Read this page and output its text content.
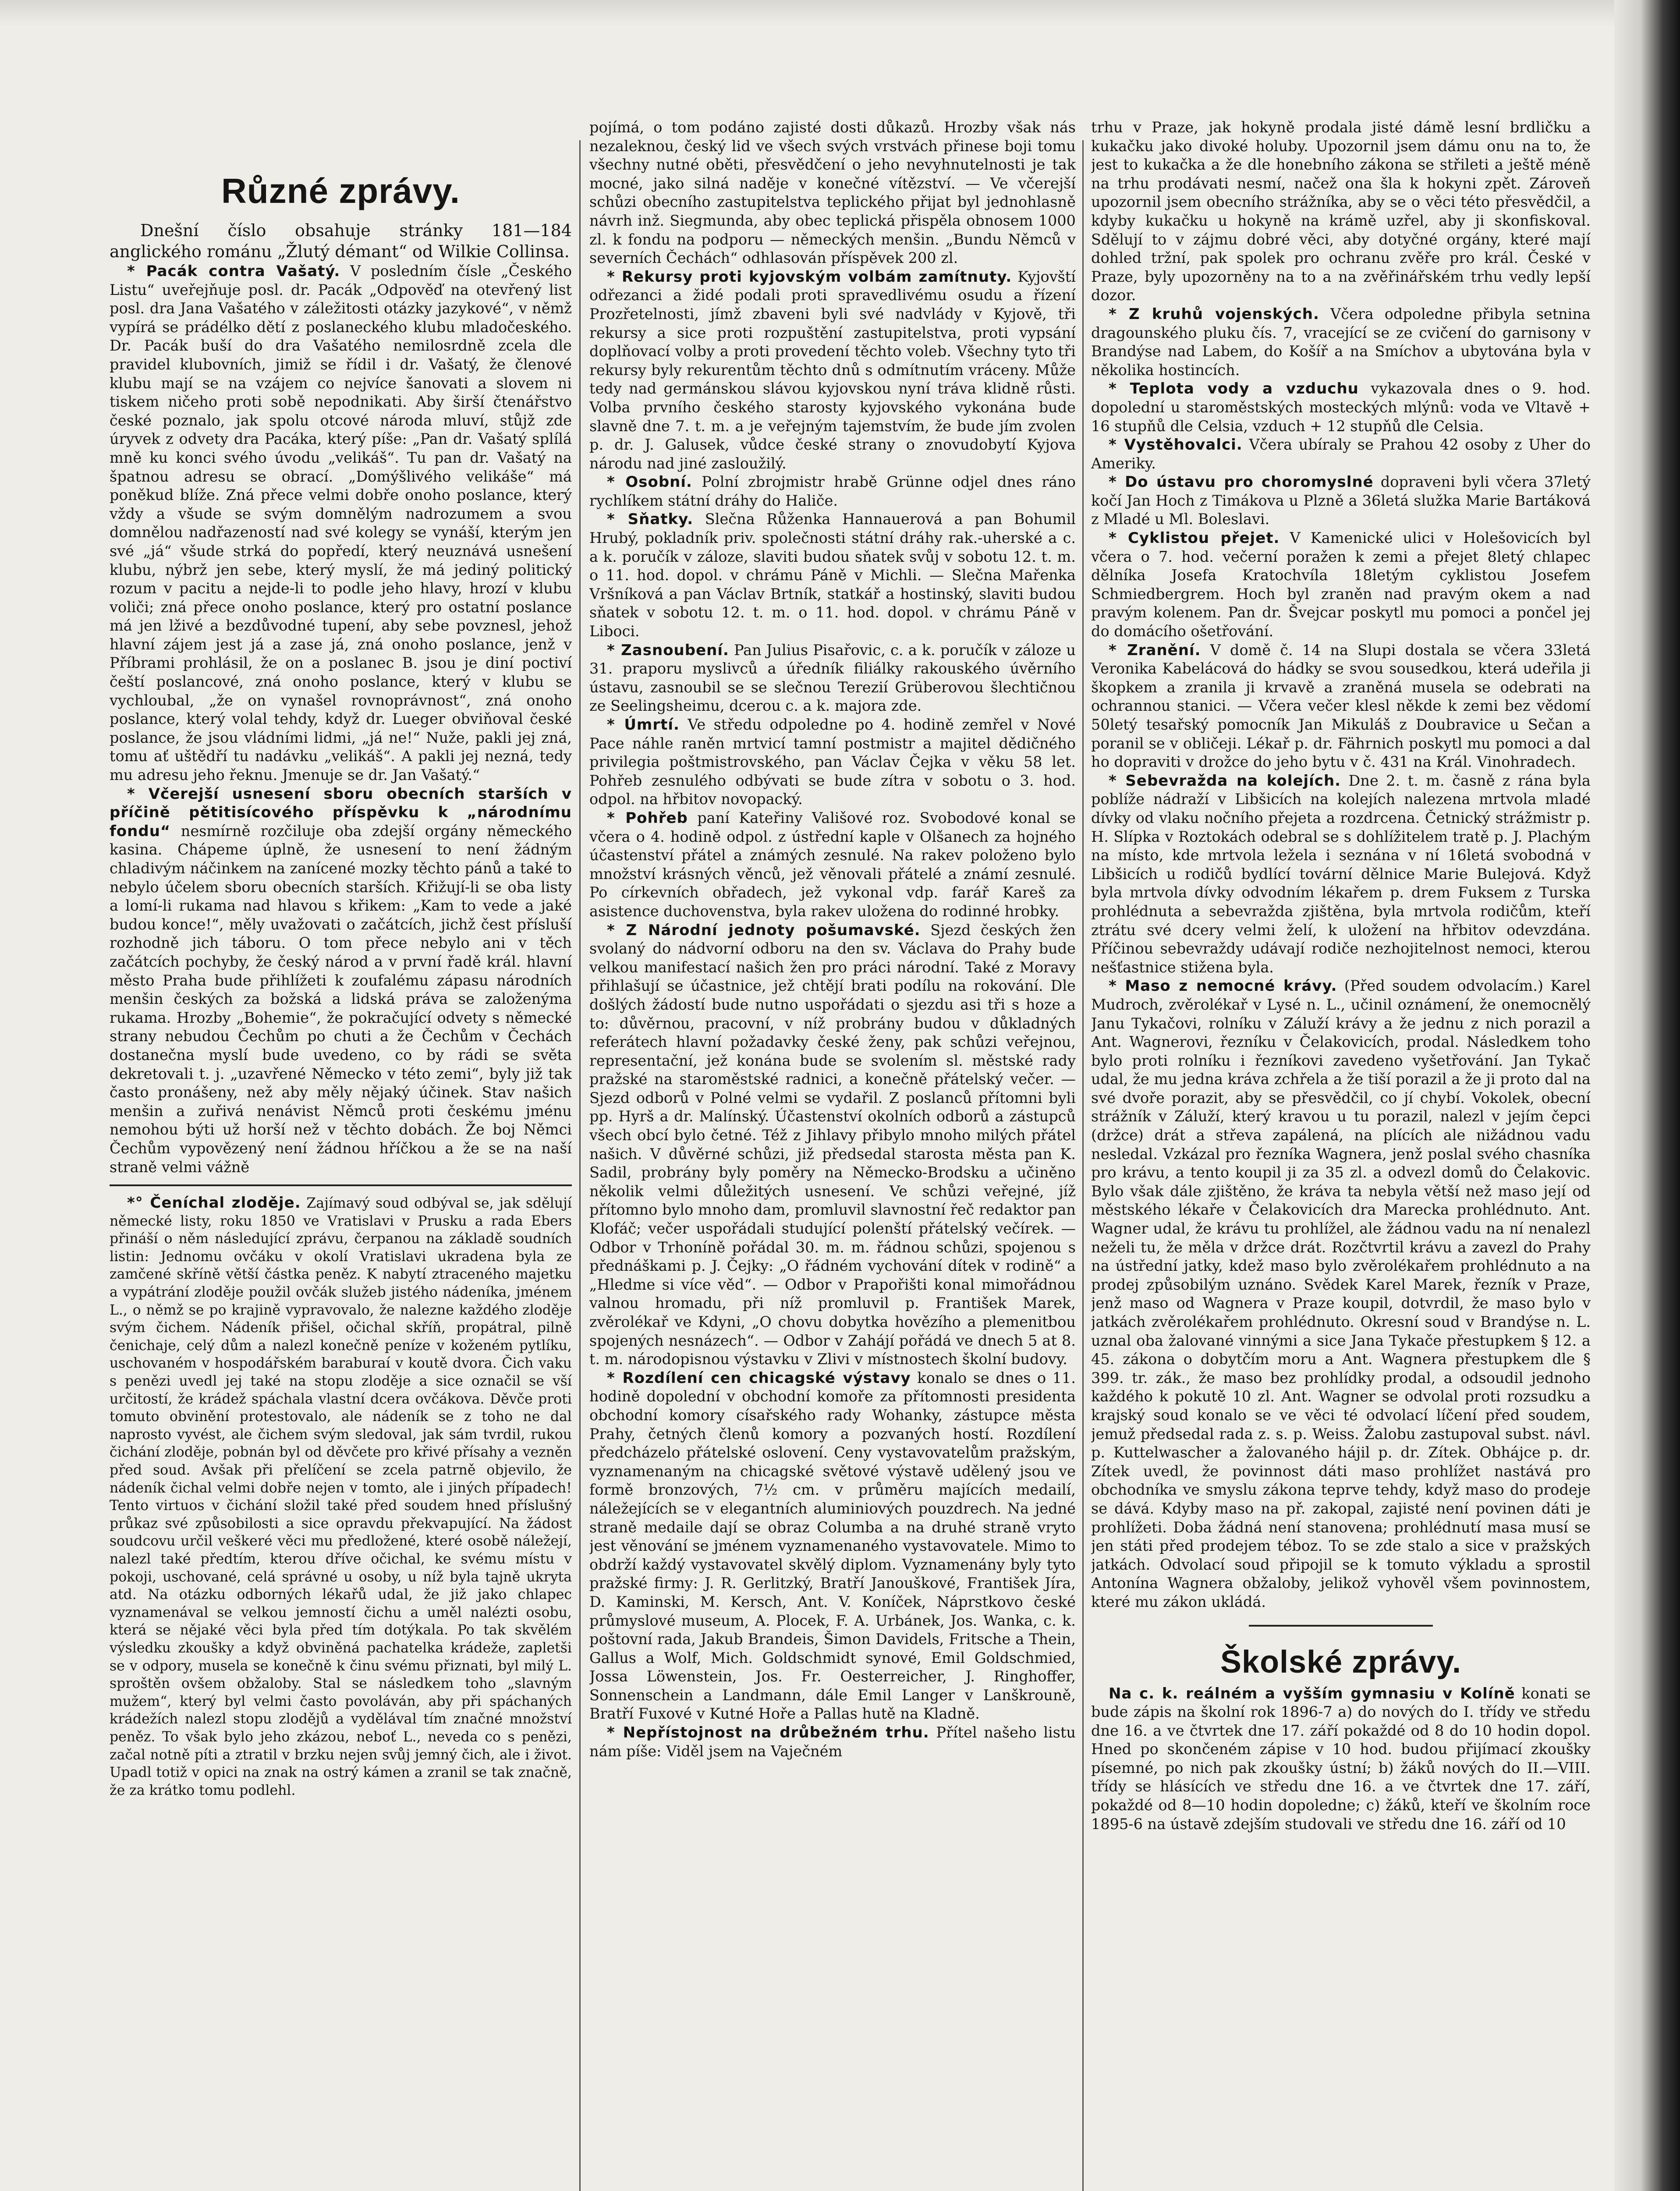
Různé zprávy.

Dnešní číslo obsahuje stránky 181—184 anglického románu „Žlutý démant“ od Wilkie Collinsa.

* Pacák contra Vašatý. V posledním čísle „Českého Listu“ uveřejňuje posl. dr. Pacák „Odpověď na otevřený list posl. dra Jana Vašatého v záležitosti otázky jazykové“, v němž vypírá se prádélko dětí z poslaneckého klubu mladočeského. Dr. Pacák buší do dra Vašatého nemilosrdně zcela dle pravidel klubovních, jimiž se řídil i dr. Vašatý, že členové klubu mají se na vzájem co nejvíce šanovati a slovem ni tiskem ničeho proti sobě nepodnikati. Aby širší čtenářstvo české poznalo, jak spolu otcové národa mluví, stůjž zde úryvek z odvety dra Pacáka, který píše: „Pan dr. Vašatý splílá mně ku konci svého úvodu „velikáš“. Tu pan dr. Vašatý na špatnou adresu se obrací. „Domýšlivého velikáše“ má poněkud blíže. Zná přece velmi dobře onoho poslance, který vždy a všude se svým domnělým nadrozumem a svou domnělou nadřazeností nad své kolegy se vynáší, kterým jen své „já“ všude strká do popředí, který neuznává usnešení klubu, nýbrž jen sebe, který myslí, že má jediný politický rozum v pacitu a nejde-li to podle jeho hlavy, hrozí v klubu voliči; zná přece onoho poslance, který pro ostatní poslance má jen lživé a bezdůvodné tupení, aby sebe povznesl, jehož hlavní zájem jest já a zase já, zná onoho poslance, jenž v Příbrami prohlásil, že on a poslanec B. jsou je diní poctiví čeští poslancové, zná onoho poslance, který v klubu se vychloubal, „že on vynašel rovnoprávnost“, zná onoho poslance, který volal tehdy, když dr. Lueger obviňoval české poslance, že jsou vládními lidmi, „já ne!“ Nuže, pakli jej zná, tomu ať uštědří tu nadávku „velikáš“. A pakli jej nezná, tedy mu adresu jeho řeknu. Jmenuje se dr. Jan Vašatý.“

* Včerejší usnesení sboru obecních starších v příčině pětitisícového příspěvku k „národnímu fondu“ nesmírně rozčiluje oba zdejší orgány německého kasina. Chápeme úplně, že usnesení to není žádným chladivým náčinkem na zanícené mozky těchto pánů a také to nebylo účelem sboru obecních starších. Křižují-li se oba listy a lomí-li rukama nad hlavou s křikem: „Kam to vede a jaké budou konce!“, měly uvažovati o začátcích, jichž čest přísluší rozhodně jich táboru. O tom přece nebylo ani v těch začátcích pochyby, že český národ a v první řadě král. hlavní město Praha bude přihlížeti k zoufalému zápasu národních menšin českých za božská a lidská práva se založenýma rukama. Hrozby „Bohemie“, že pokračující odvety s německé strany nebudou Čechům po chuti a že Čechům v Čechách dostanečna myslí bude uvedeno, co by rádi se světa dekretovali t. j. „uzavřené Německo v této zemi“, byly již tak často pronášeny, než aby měly nějaký účinek. Stav našich menšin a zuřivá nenávist Němců proti českému jménu nemohou býti už horší než v těchto dobách. Že boj Němci Čechům vypovězený není žádnou hříčkou a že se na naší straně velmi vážně

*° Čeníchal zloděje. Zajímavý soud odbýval se, jak sdělují německé listy, roku 1850 ve Vratislavi v Prusku a rada Ebers přináší o něm následující zprávu, čerpanou na základě soudních listin: Jednomu ovčáku v okolí Vratislavi ukradena byla ze zamčené skříně větší částka peněz. K nabytí ztraceného majetku a vypátrání zloděje použil ovčák služeb jistého nádeníka, jménem L., o němž se po krajině vypravovalo, že nalezne každého zloděje svým čichem. Nádeník přišel, očichal skříň, propátral, pilně čenichaje, celý dům a nalezl konečně peníze v koženém pytlíku, uschovaném v hospodářském baraburaí v koutě dvora. Čich vaku s penězi uvedl jej také na stopu zloděje a sice označil se vší určitostí, že krádež spáchala vlastní dcera ovčákova. Děvče proti tomuto obvinění protestovalo, ale nádeník se z toho ne dal naprosto vyvést, ale čichem svým sledoval, jak sám tvrdil, rukou čichání zloděje, pobnán byl od děvčete pro křivé přísahy a vezněn před soud. Avšak při přelíčení se zcela patrně objevilo, že nádeník čichal velmi dobře nejen v tomto, ale i jiných případech! Tento virtuos v čichání složil také před soudem hned příslušný průkaz své způsobilosti a sice opravdu překvapující. Na žádost soudcovu určil veškeré věci mu předložené, které osobě náležejí, nalezl také předtím, kterou dříve očichal, ke svému místu v pokoji, uschované, celá správné u osoby, u níž byla tajně ukryta atd. Na otázku odborných lékařů udal, že již jako chlapec vyznamenával se velkou jemností čichu a uměl nalézti osobu, která se nějaké věci byla před tím dotýkala. Po tak skvělém výsledku zkoušky a když obviněná pachatelka krádeže, zapletši se v odpory, musela se konečně k činu svému přiznati, byl milý L. sproštěn ovšem obžaloby. Stal se následkem toho „slavným mužem“, který byl velmi často povoláván, aby při spáchaných krádežích nalezl stopu zlodějů a vydělával tím značné množství peněz. To však bylo jeho zkázou, neboť L., neveda co s penězi, začal notně píti a ztratil v brzku nejen svůj jemný čich, ale i život. Upadl totiž v opici na znak na ostrý kámen a zranil se tak značně, že za krátko tomu podlehl.

pojímá, o tom podáno zajisté dosti důkazů. Hrozby však nás nezaleknou, český lid ve všech svých vrstvách přinese boji tomu všechny nutné oběti, přesvědčení o jeho nevyhnutelnosti je tak mocné, jako silná naděje v konečné vítězství. — Ve včerejší schůzi obecního zastupitelstva teplického přijat byl jednohlasně návrh inž. Siegmunda, aby obec teplická přispěla obnosem 1000 zl. k fondu na podporu — německých menšin. „Bundu Němců v severních Čechách“ odhlasován příspěvek 200 zl.

* Rekursy proti kyjovským volbám zamítnuty. Kyjovští odřezanci a židé podali proti spravedlivému osudu a řízení Prozřetelnosti, jímž zbaveni byli své nadvlády v Kyjově, tři rekursy a sice proti rozpuštění zastupitelstva, proti vypsání doplňovací volby a proti provedení těchto voleb. Všechny tyto tři rekursy byly rekurentům těchto dnů s odmítnutím vráceny. Může tedy nad germánskou slávou kyjovskou nyní tráva klidně růsti. Volba prvního českého starosty kyjovského vykonána bude slavně dne 7. t. m. a je veřejným tajemstvím, že bude jím zvolen p. dr. J. Galusek, vůdce české strany o znovudobytí Kyjova národu nad jiné zasloužilý.

* Osobní. Polní zbrojmistr hrabě Grünne odjel dnes ráno rychlíkem státní dráhy do Haliče.

* Sňatky. Slečna Růženka Hannauerová a pan Bohumil Hrubý, pokladník priv. společnosti státní dráhy rak.-uherské a c. a k. poručík v záloze, slaviti budou sňatek svůj v sobotu 12. t. m. o 11. hod. dopol. v chrámu Páně v Michli. — Slečna Mařenka Vršníková a pan Václav Brtník, statkář a hostinský, slaviti budou sňatek v sobotu 12. t. m. o 11. hod. dopol. v chrámu Páně v Liboci.

* Zasnoubení. Pan Julius Pisařovic, c. a k. poručík v záloze u 31. praporu myslivců a úředník filiálky rakouského úvěrního ústavu, zasnoubil se se slečnou Terezií Grüberovou šlechtičnou ze Seelingsheimu, dcerou c. a k. majora zde.

* Úmrtí. Ve středu odpoledne po 4. hodině zemřel v Nové Pace náhle raněn mrtvicí tamní postmistr a majitel dědičného privilegia poštmistrovského, pan Václav Čejka v věku 58 let. Pohřeb zesnulého odbývati se bude zítra v sobotu o 3. hod. odpol. na hřbitov novopacký.

* Pohřeb paní Kateřiny Vališové roz. Svobodové konal se včera o 4. hodině odpol. z ústřední kaple v Olšanech za hojného účastenství přátel a známých zesnulé. Na rakev položeno bylo množství krásných věnců, jež věnovali přátelé a známí zesnulé. Po církevních obřadech, jež vykonal vdp. farář Kareš za asistence duchovenstva, byla rakev uložena do rodinné hrobky.

* Z Národní jednoty pošumavské. Sjezd českých žen svolaný do nádvorní odboru na den sv. Václava do Prahy bude velkou manifestací našich žen pro práci národní. Také z Moravy přihlašují se účastnice, jež chtějí brati podílu na rokování. Dle došlých žádostí bude nutno uspořádati o sjezdu asi tři s hoze a to: důvěrnou, pracovní, v níž probrány budou v důkladných referátech hlavní požadavky české ženy, pak schůzi veřejnou, representační, jež konána bude se svolením sl. městské rady pražské na staroměstské radnici, a konečně přátelský večer. — Sjezd odborů v Polné velmi se vydařil. Z poslanců přítomni byli pp. Hyrš a dr. Malínský. Účastenství okolních odborů a zástupců všech obcí bylo četné. Též z Jihlavy přibylo mnoho milých přátel našich. V důvěrné schůzi, již předsedal starosta města pan K. Sadil, probrány byly poměry na Německo-Brodsku a učiněno několik velmi důležitých usnesení. Ve schůzi veřejné, jíž přítomno bylo mnoho dam, promluvil slavnostní řeč redaktor pan Klofáč; večer uspořádali studující polenští přátelský večírek. — Odbor v Trhoníně pořádal 30. m. m. řádnou schůzi, spojenou s přednáškami p. J. Čejky: „O řádném vychování dítek v rodině“ a „Hledme si více věd“. — Odbor v Prapořišti konal mimořádnou valnou hromadu, při níž promluvil p. František Marek, zvěrolékař ve Kdyni, „O chovu dobytka hovězího a plemenitbou spojených nesnázech“. — Odbor v Zahájí pořádá ve dnech 5 at 8. t. m. národopisnou výstavku v Zlivi v místnostech školní budovy.

* Rozdílení cen chicagské výstavy konalo se dnes o 11. hodině dopolední v obchodní komoře za přítomnosti presidenta obchodní komory císařského rady Wohanky, zástupce města Prahy, četných členů komory a pozvaných hostí. Rozdílení předcházelo přátelské oslovení. Ceny vystavovatelům pražským, vyznamenaným na chicagské světové výstavě udělený jsou ve formě bronzových, 7½ cm. v průměru majících medailí, náležejících se v elegantních aluminiových pouzdrech. Na jedné straně medaile dají se obraz Columba a na druhé straně vryto jest věnování se jménem vyznamenaného vystavovatele. Mimo to obdrží každý vystavovatel skvělý diplom. Vyznamenány byly tyto pražské firmy: J. R. Gerlitzký, Bratří Janouškové, František Jíra, D. Kaminski, M. Kersch, Ant. V. Koníček, Náprstkovo české průmyslové museum, A. Plocek, F. A. Urbánek, Jos. Wanka, c. k. poštovní rada, Jakub Brandeis, Šimon Davidels, Fritsche a Thein, Gallus a Wolf, Mich. Goldschmidt synové, Emil Goldschmied, Jossa Löwenstein, Jos. Fr. Oesterreicher, J. Ringhoffer, Sonnenschein a Landmann, dále Emil Langer v Lanškrouně, Bratří Fuxové v Kutné Hoře a Pallas hutě na Kladně.

* Nepřístojnost na drůbežném trhu. Přítel našeho listu nám píše: Viděl jsem na Vaječném

trhu v Praze, jak hokyně prodala jisté dámě lesní brdličku a kukačku jako divoké holuby. Upozornil jsem dámu onu na to, že jest to kukačka a že dle honebního zákona se střileti a ještě méně na trhu prodávati nesmí, načež ona šla k hokyni zpět. Zároveň upozornil jsem obecního strážníka, aby se o věci této přesvědčil, a kdyby kukačku u hokyně na krámě uzřel, aby ji skonfiskoval. Sdělují to v zájmu dobré věci, aby dotyčné orgány, které mají dohled tržní, pak spolek pro ochranu zvěře pro král. České v Praze, byly upozorněny na to a na zvěřinářském trhu vedly lepší dozor.

* Z kruhů vojenských. Včera odpoledne přibyla setnina dragounského pluku čís. 7, vracející se ze cvičení do garnisony v Brandýse nad Labem, do Košíř a na Smíchov a ubytována byla v několika hostincích.

* Teplota vody a vzduchu vykazovala dnes o 9. hod. dopolední u staroměstských mosteckých mlýnů: voda ve Vltavě + 16 stupňů dle Celsia, vzduch + 12 stupňů dle Celsia.

* Vystěhovalci. Včera ubíraly se Prahou 42 osoby z Uher do Ameriky.

* Do ústavu pro choromyslné dopraveni byli včera 37letý kočí Jan Hoch z Timákova u Plzně a 36letá služka Marie Bartáková z Mladé u Ml. Boleslavi.

* Cyklistou přejet. V Kamenické ulici v Holešovicích byl včera o 7. hod. večerní poražen k zemi a přejet 8letý chlapec dělníka Josefa Kratochvíla 18letým cyklistou Josefem Schmiedbergrem. Hoch byl zraněn nad pravým okem a nad pravým kolenem. Pan dr. Švejcar poskytl mu pomoci a pončel jej do domácího ošetřování.

* Zranění. V domě č. 14 na Slupi dostala se včera 33letá Veronika Kabelácová do hádky se svou sousedkou, která udeřila ji škopkem a zranila ji krvavě a zraněná musela se odebrati na ochrannou stanici. — Včera večer klesl někde k zemi bez vědomí 50letý tesařský pomocník Jan Mikuláš z Doubravice u Sečan a poranil se v obličeji. Lékař p. dr. Fährnich poskytl mu pomoci a dal ho dopraviti v drožce do jeho bytu v č. 431 na Král. Vinohradech.

* Sebevražda na kolejích. Dne 2. t. m. časně z rána byla poblíže nádraží v Libšicích na kolejích nalezena mrtvola mladé dívky od vlaku nočního přejeta a rozdrcena. Četnický strážmistr p. H. Slípka v Roztokách odebral se s dohlížitelem tratě p. J. Plachým na místo, kde mrtvola ležela i seznána v ní 16letá svobodná v Libšicích u rodičů bydlící tovární dělnice Marie Bulejová. Když byla mrtvola dívky odvodním lékařem p. drem Fuksem z Turska prohlédnuta a sebevražda zjištěna, byla mrtvola rodičům, kteří ztrátu své dcery velmi želí, k uložení na hřbitov odevzdána. Příčinou sebevraždy udávají rodiče nezhojitelnost nemoci, kterou nešťastnice stižena byla.

* Maso z nemocné krávy. (Před soudem odvolacím.) Karel Mudroch, zvěrolékař v Lysé n. L., učinil oznámení, že onemocnělý Janu Tykačovi, rolníku v Záluží krávy a že jednu z nich porazil a Ant. Wagnerovi, řezníku v Čelakovicích, prodal. Následkem toho bylo proti rolníku i řezníkovi zavedeno vyšetřování. Jan Tykač udal, že mu jedna kráva zchřela a že tiší porazil a že ji proto dal na své dvoře porazit, aby se přesvědčil, co jí chybí. Vokolek, obecní strážník v Záluží, který kravou u tu porazil, nalezl v jejím čepci (držce) drát a střeva zapálená, na plících ale nižádnou vadu nesledal. Vzkázal pro řezníka Wagnera, jenž poslal svého chasníka pro krávu, a tento koupil ji za 35 zl. a odvezl domů do Čelakovic. Bylo však dále zjištěno, že kráva ta nebyla větší než maso její od městského lékaře v Čelakovicích dra Marecka prohlédnuto. Ant. Wagner udal, že krávu tu prohlížel, ale žádnou vadu na ní nenalezl neželi tu, že měla v držce drát. Rozčtvrtil krávu a zavezl do Prahy na ústřední jatky, kdež maso bylo zvěrolékařem prohlédnuto a na prodej způsobilým uznáno. Svědek Karel Marek, řezník v Praze, jenž maso od Wagnera v Praze koupil, dotvrdil, že maso bylo v jatkách zvěrolékařem prohlédnuto. Okresní soud v Brandýse n. L. uznal oba žalované vinnými a sice Jana Tykače přestupkem § 12. a 45. zákona o dobytčím moru a Ant. Wagnera přestupkem dle § 399. tr. zák., že maso bez prohlídky prodal, a odsoudil jednoho každého k pokutě 10 zl. Ant. Wagner se odvolal proti rozsudku a krajský soud konalo se ve věci té odvolací líčení před soudem, jemuž předsedal rada z. s. p. Weiss. Žalobu zastupoval subst. návl. p. Kuttelwascher a žalovaného hájil p. dr. Zítek. Obhájce p. dr. Zítek uvedl, že povinnost dáti maso prohlížet nastává pro obchodníka ve smyslu zákona teprve tehdy, když maso do prodeje se dává. Kdyby maso na př. zakopal, zajisté není povinen dáti je prohlížeti. Doba žádná není stanovena; prohlédnutí masa musí se jen státi před prodejem téboz. To se zde stalo a sice v pražských jatkách. Odvolací soud připojil se k tomuto výkladu a sprostil Antonína Wagnera obžaloby, jelikož vyhověl všem povinnostem, které mu zákon ukládá.

Školské zprávy.

Na c. k. reálném a vyšším gymnasiu v Kolíně konati se bude zápis na školní rok 1896-7 a) do nových do I. třídy ve středu dne 16. a ve čtvrtek dne 17. září pokaždé od 8 do 10 hodin dopol. Hned po skončeném zápise v 10 hod. budou přijímací zkoušky písemné, po nich pak zkoušky ústní; b) žáků nových do II.—VIII. třídy se hlásících ve středu dne 16. a ve čtvrtek dne 17. září, pokaždé od 8—10 hodin dopoledne; c) žáků, kteří ve školním roce 1895-6 na ústavě zdejším studovali ve středu dne 16. září od 10
